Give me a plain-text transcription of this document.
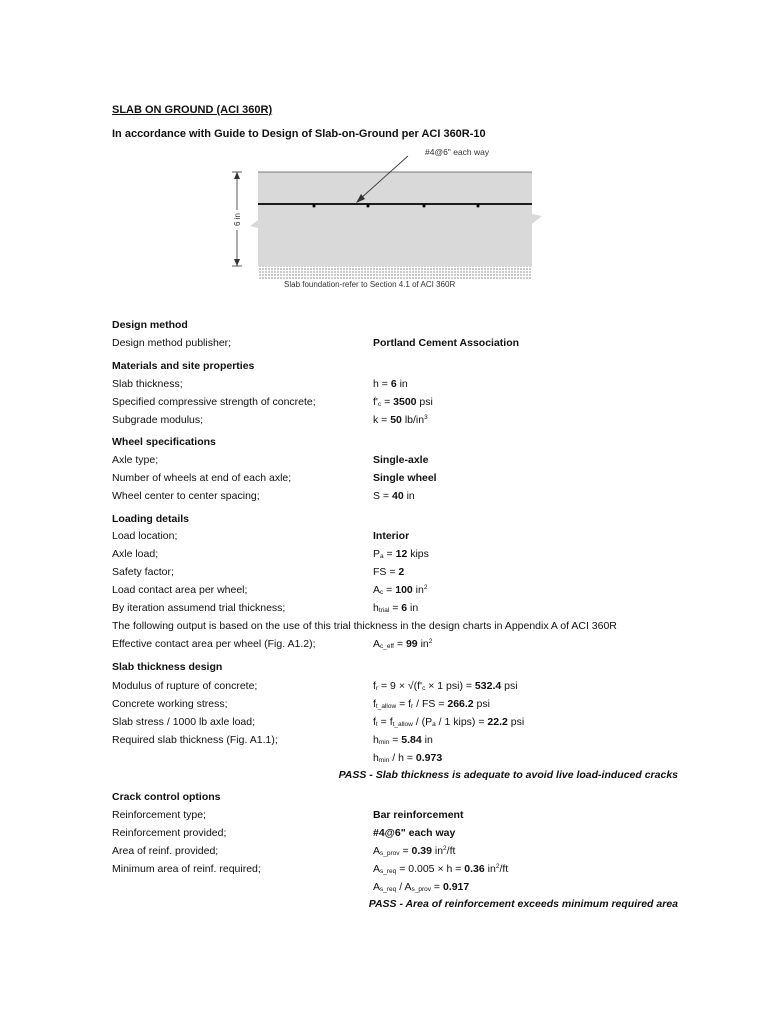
SLAB ON GROUND (ACI 360R)
In accordance with Guide to Design of Slab-on-Ground per ACI 360R-10
6 in
#4@6" each way
Slab foundation-refer to Section 4.1 of ACI 360R
Design method
Design method publisher;	Portland Cement Association
Materials and site properties
Slab thickness;	h = 6 in
Specified compressive strength of concrete;	$f'_c = 3500$ psi
Subgrade modulus;	k = 50 $lb/in^3$
Wheel specifications
Axle type;	Single-axle
Number of wheels at end of each axle;	Single wheel
Wheel center to center spacing;	S = 40 in
Loading details
Load location;	Interior
Axle load;	$P_a = 12$ kips
Safety factor;	FS = 2
Load contact area per wheel;	$A_c = 100$ $in^2$
By iteration assumend trial thickness;	$h_{trial} = 6$ in
The following output is based on the use of this trial thickness in the design charts in Appendix A of ACI 360R
Effective contact area per wheel (Fig. A1.2);	$A_{c\_eff} = 99$ $in^2$
Slab thickness design
Modulus of rupture of concrete;	$f_r = 9 \times √(f'_c \times 1$ psi) = 532.4 psi
Concrete working stress;	$f_{t\_allow} = f_r$ / FS = 266.2 psi
Slab stress / 1000 lb axle load;	$f_t = f_{t\_allow} / (P_a / 1$ kips) = 22.2 psi
Required slab thickness (Fig. A1.1);	$h_{min} = 5.84$ in
$h_{min} / h = 0.973$
PASS - Slab thickness is adequate to avoid live load-induced cracks
Crack control options
Reinforcement type;	Bar reinforcement
Reinforcement provided;	#4@6" each way
Area of reinf. provided;	$A_{s\_prov} = 0.39$ $in^2/ft$
Minimum area of reinf. required;	$A_{s\_req} = 0.005 \times h = 0.36$ $in^2/ft$
$A_{s\_req} / A_{s\_prov} = 0.917$
PASS - Area of reinforcement exceeds minimum required area
